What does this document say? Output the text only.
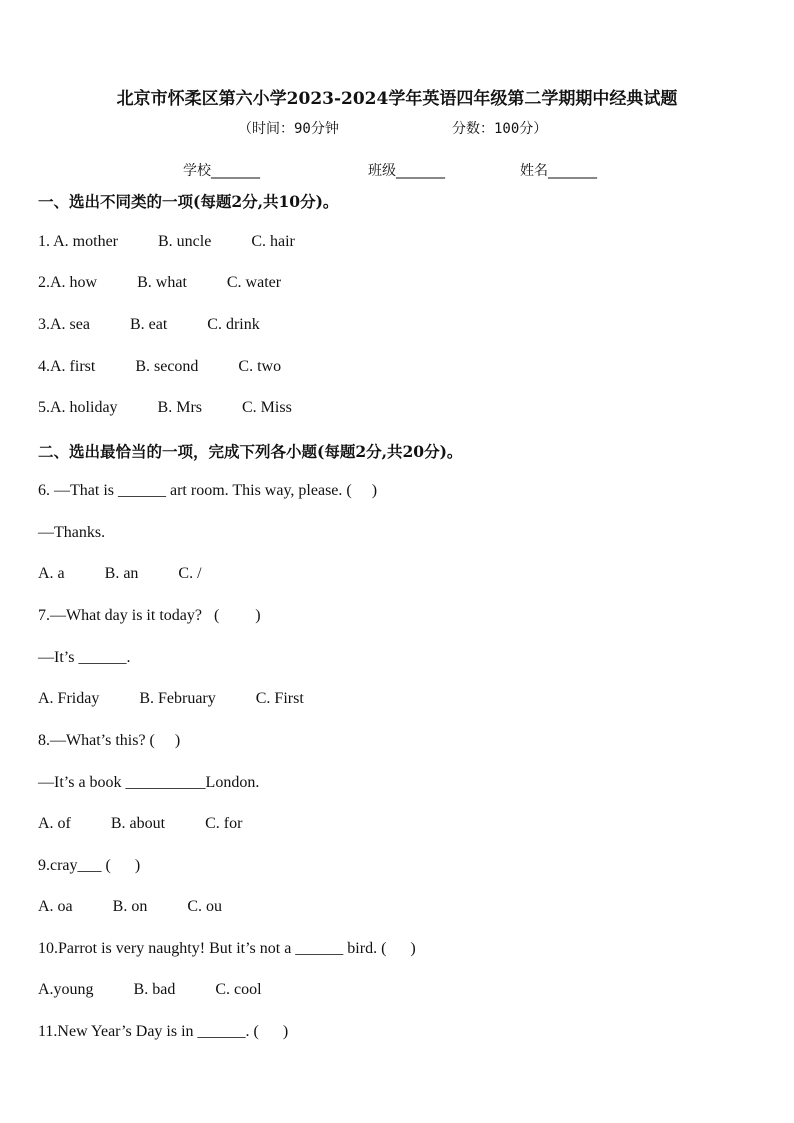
北京市怀柔区第六小学2023-2024学年英语四年级第二学期期中经典试题
（时间：90分钟	分数：100分）
学校_______	班级_______	姓名_______
一、选出不同类的一项(每题2分,共10分)。
1. A. mother          B. uncle          C. hair
2.A. how          B. what          C. water
3.A. sea          B. eat          C. drink
4.A. first          B. second          C. two
5.A. holiday          B. Mrs          C. Miss
二、选出最恰当的一项，完成下列各小题(每题2分,共20分)。
6. —That is ______ art room. This way, please. (     )
—Thanks.
A. a          B. an          C. /
7.—What day is it today?   (         )
—It’s ______.
A. Friday          B. February          C. First
8.—What’s this? (     )
—It’s a book __________London.
A. of          B. about          C. for
9.cray___ (      )
A. oa          B. on          C. ou
10.Parrot is very naughty! But it’s not a ______ bird. (      )
A.young          B. bad          C. cool
11.New Year’s Day is in ______. (      )
